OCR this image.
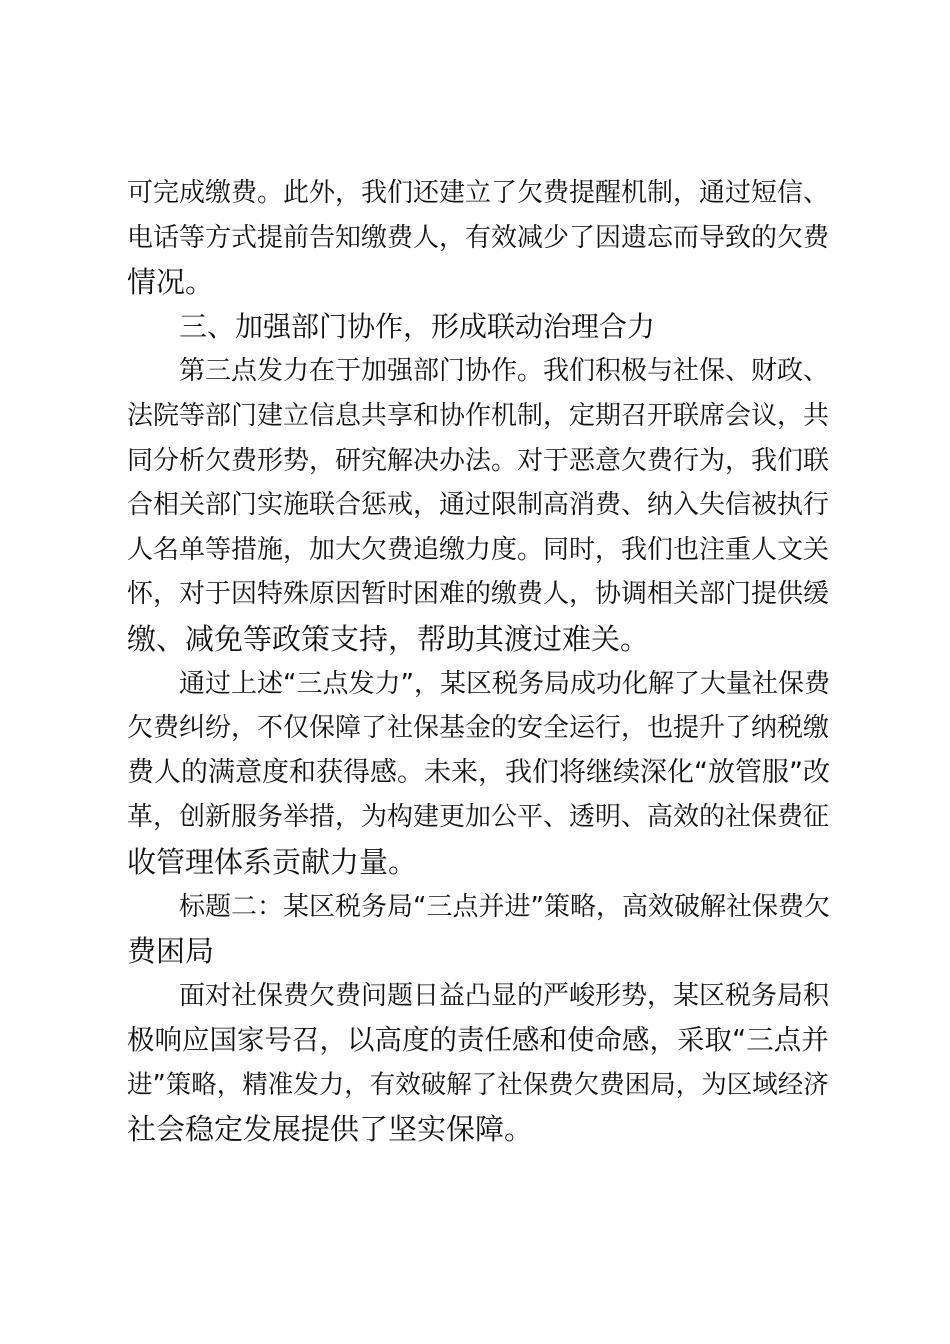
可完成缴费。此外，我们还建立了欠费提醒机制，通过短信、
电话等方式提前告知缴费人，有效减少了因遗忘而导致的欠费
情况。
三、加强部门协作，形成联动治理合力
第三点发力在于加强部门协作。我们积极与社保、财政、
法院等部门建立信息共享和协作机制，定期召开联席会议，共
同分析欠费形势，研究解决办法。对于恶意欠费行为，我们联
合相关部门实施联合惩戒，通过限制高消费、纳入失信被执行
人名单等措施，加大欠费追缴力度。同时，我们也注重人文关
怀，对于因特殊原因暂时困难的缴费人，协调相关部门提供缓
缴、减免等政策支持，帮助其渡过难关。
通过上述“三点发力”，某区税务局成功化解了大量社保费
欠费纠纷，不仅保障了社保基金的安全运行，也提升了纳税缴
费人的满意度和获得感。未来，我们将继续深化“放管服”改
革，创新服务举措，为构建更加公平、透明、高效的社保费征
收管理体系贡献力量。
标题二：某区税务局“三点并进”策略，高效破解社保费欠
费困局
面对社保费欠费问题日益凸显的严峻形势，某区税务局积
极响应国家号召，以高度的责任感和使命感，采取“三点并
进”策略，精准发力，有效破解了社保费欠费困局，为区域经济
社会稳定发展提供了坚实保障。
